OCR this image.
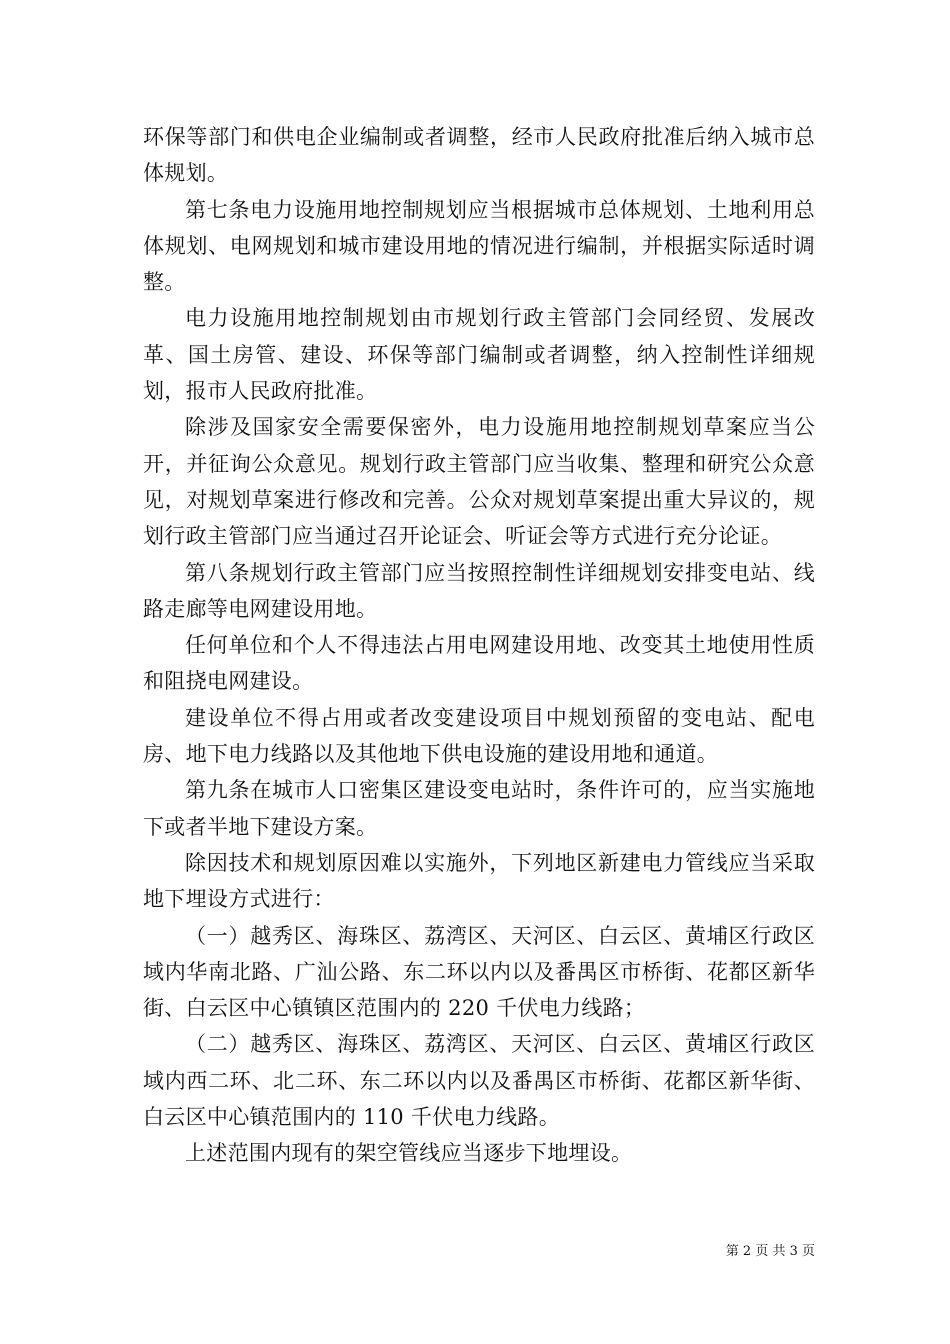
环保等部门和供电企业编制或者调整，经市人民政府批准后纳入城市总体规划。

第七条电力设施用地控制规划应当根据城市总体规划、土地利用总体规划、电网规划和城市建设用地的情况进行编制，并根据实际适时调整。

电力设施用地控制规划由市规划行政主管部门会同经贸、发展改革、国土房管、建设、环保等部门编制或者调整，纳入控制性详细规划，报市人民政府批准。

除涉及国家安全需要保密外，电力设施用地控制规划草案应当公开，并征询公众意见。规划行政主管部门应当收集、整理和研究公众意见，对规划草案进行修改和完善。公众对规划草案提出重大异议的，规划行政主管部门应当通过召开论证会、听证会等方式进行充分论证。

第八条规划行政主管部门应当按照控制性详细规划安排变电站、线路走廊等电网建设用地。

任何单位和个人不得违法占用电网建设用地、改变其土地使用性质和阻挠电网建设。

建设单位不得占用或者改变建设项目中规划预留的变电站、配电房、地下电力线路以及其他地下供电设施的建设用地和通道。

第九条在城市人口密集区建设变电站时，条件许可的，应当实施地下或者半地下建设方案。

除因技术和规划原因难以实施外，下列地区新建电力管线应当采取地下埋设方式进行：

（一）越秀区、海珠区、荔湾区、天河区、白云区、黄埔区行政区域内华南北路、广汕公路、东二环以内以及番禺区市桥街、花都区新华街、白云区中心镇镇区范围内的 220 千伏电力线路；

（二）越秀区、海珠区、荔湾区、天河区、白云区、黄埔区行政区域内西二环、北二环、东二环以内以及番禺区市桥街、花都区新华街、白云区中心镇范围内的 110 千伏电力线路。

上述范围内现有的架空管线应当逐步下地埋设。

第 2 页 共 3 页
